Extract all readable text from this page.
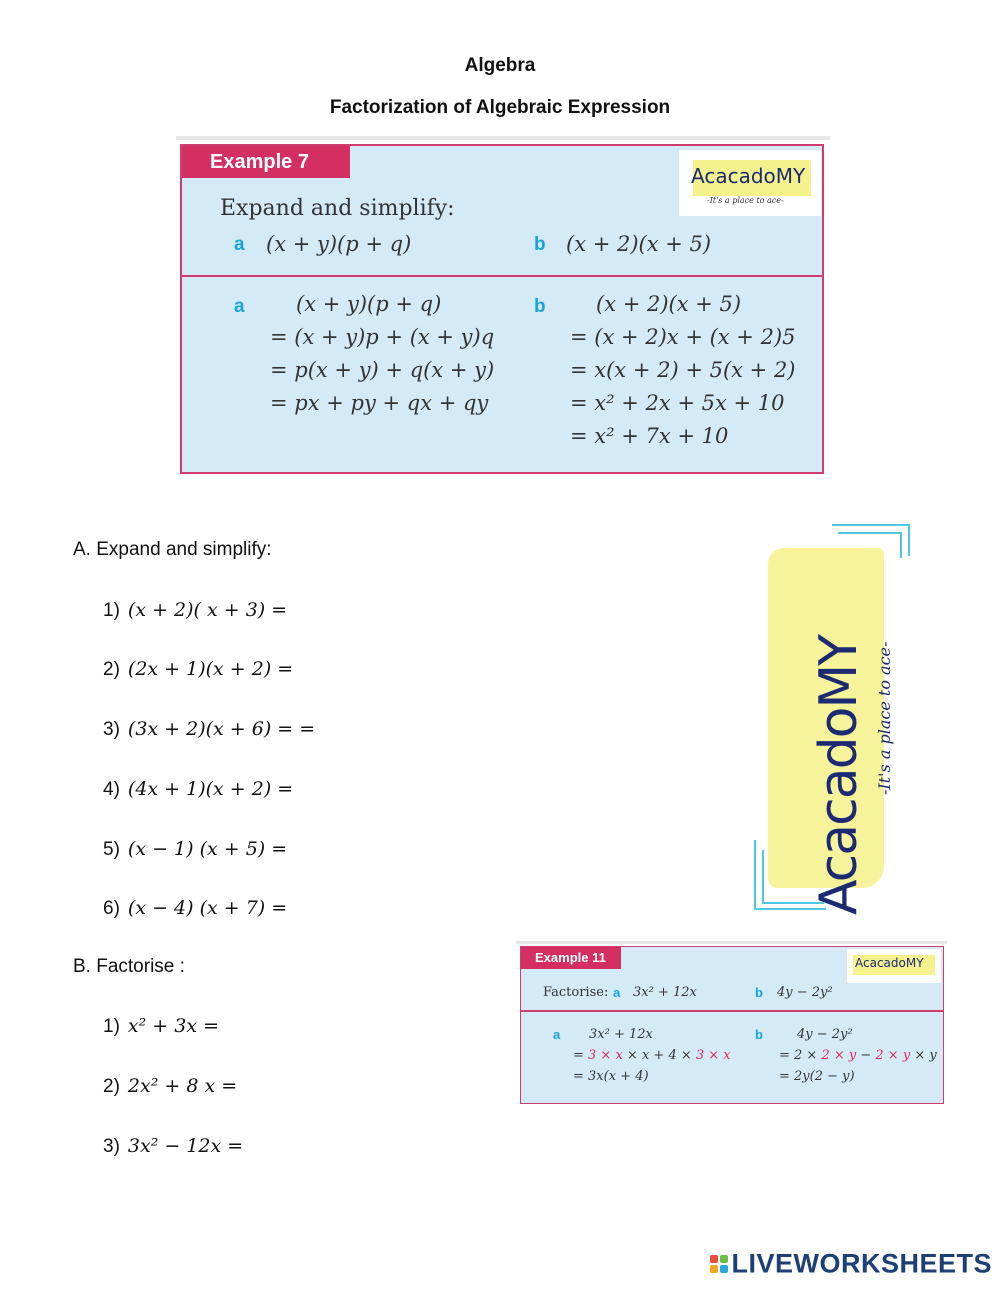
Algebra
Factorization of Algebraic Expression
Example 7
AcacadoMY
-It's a place to ace-
Expand and simplify:
a (x + y)(p + q)	b (x + 2)(x + 5)
a (x + y)(p + q)
= (x + y)p + (x + y)q
= p(x + y) + q(x + y)
= px + py + qx + qy
b (x + 2)(x + 5)
= (x + 2)x + (x + 2)5
= x(x + 2) + 5(x + 2)
= x² + 2x + 5x + 10
= x² + 7x + 10
A. Expand and simplify:
1) (x + 2)( x + 3) =
2) (2x + 1)(x + 2) =
3) (3x + 2)(x + 6) = =
4) (4x + 1)(x + 2) =
5) (x − 1) (x + 5) =
6) (x − 4) (x + 7) =
B. Factorise :
1) x² + 3x =
2) 2x² + 8 x =
3) 3x² − 12x =
AcacadoMY -It's a place to ace-
Example 11	AcacadoMY
Factorise: a 3x² + 12x	b 4y − 2y²
a 3x² + 12x
= 3 × x × x + 4 × 3 × x
= 3x(x + 4)
b	4y − 2y²
= 2 × 2 × y − 2 × y × y
= 2y(2 − y)

LIVEWORKSHEETS
